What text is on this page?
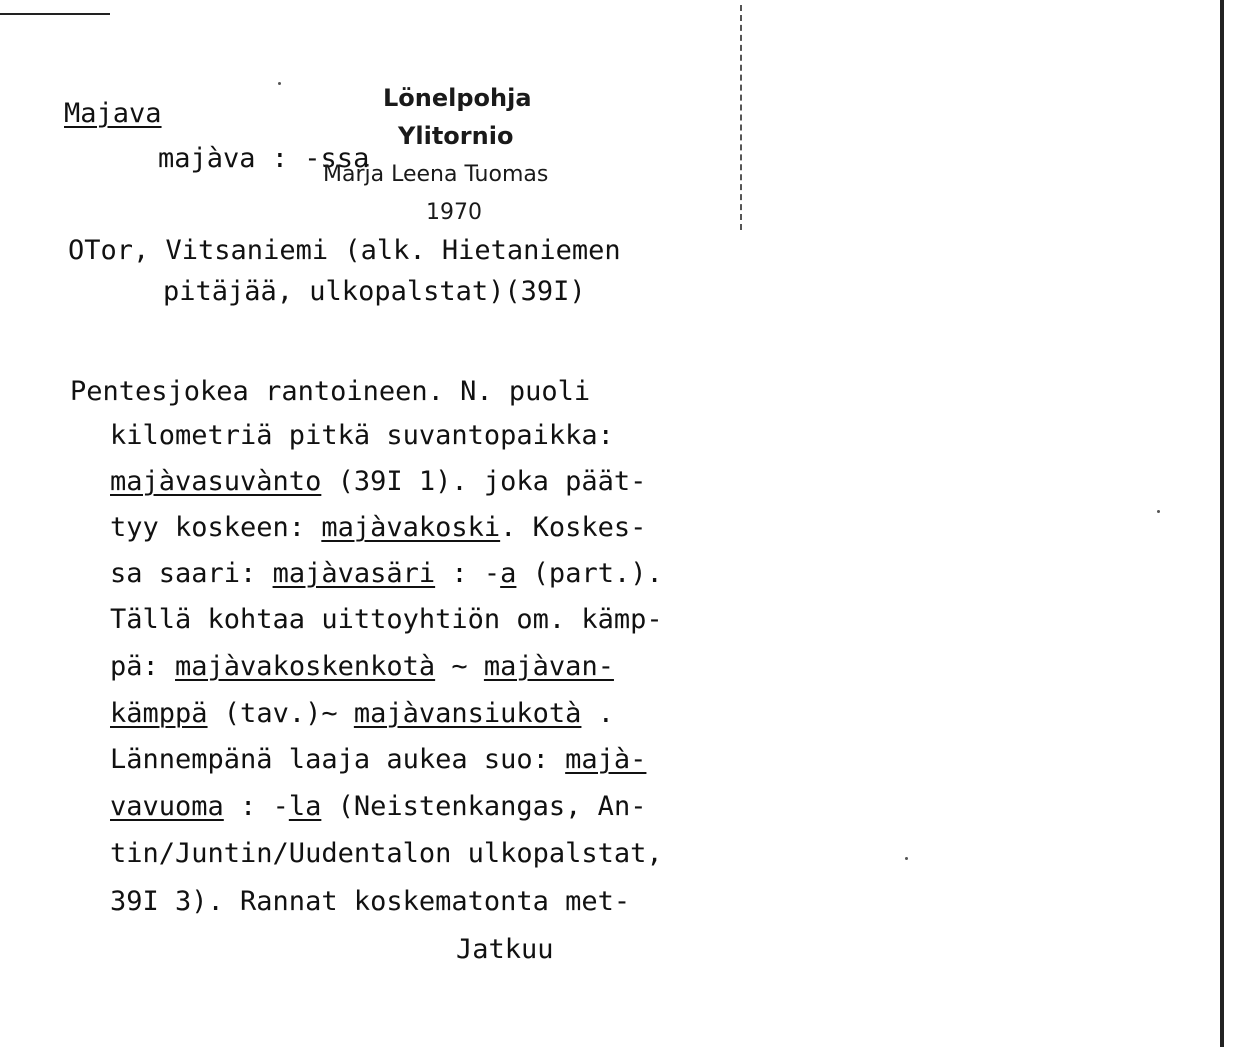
Majava
majàva : -ssa
Lönelpohja
Ylitornio
Marja Leena Tuomas
1970
OTor, Vitsaniemi (alk. Hietaniemen
pitäjää, ulkopalstat)(39I)
Pentesjokea rantoineen. N. puoli
kilometriä pitkä suvantopaikka:
majàvasuvànto (39I 1). joka päät-
tyy koskeen: majàvakoski. Koskes-
sa saari: majàvasäri : -a (part.).
Tällä kohtaa uittoyhtiön om. kämp-
pä: majàvakoskenkotà ~ majàvan-
kämppä (tav.)~ majàvansiukotà .
Lännempänä laaja aukea suo: majà-
vavuoma : -la (Neistenkangas, An-
tin/Juntin/Uudentalon ulkopalstat,
39I 3). Rannat koskematonta met-
Jatkuu
